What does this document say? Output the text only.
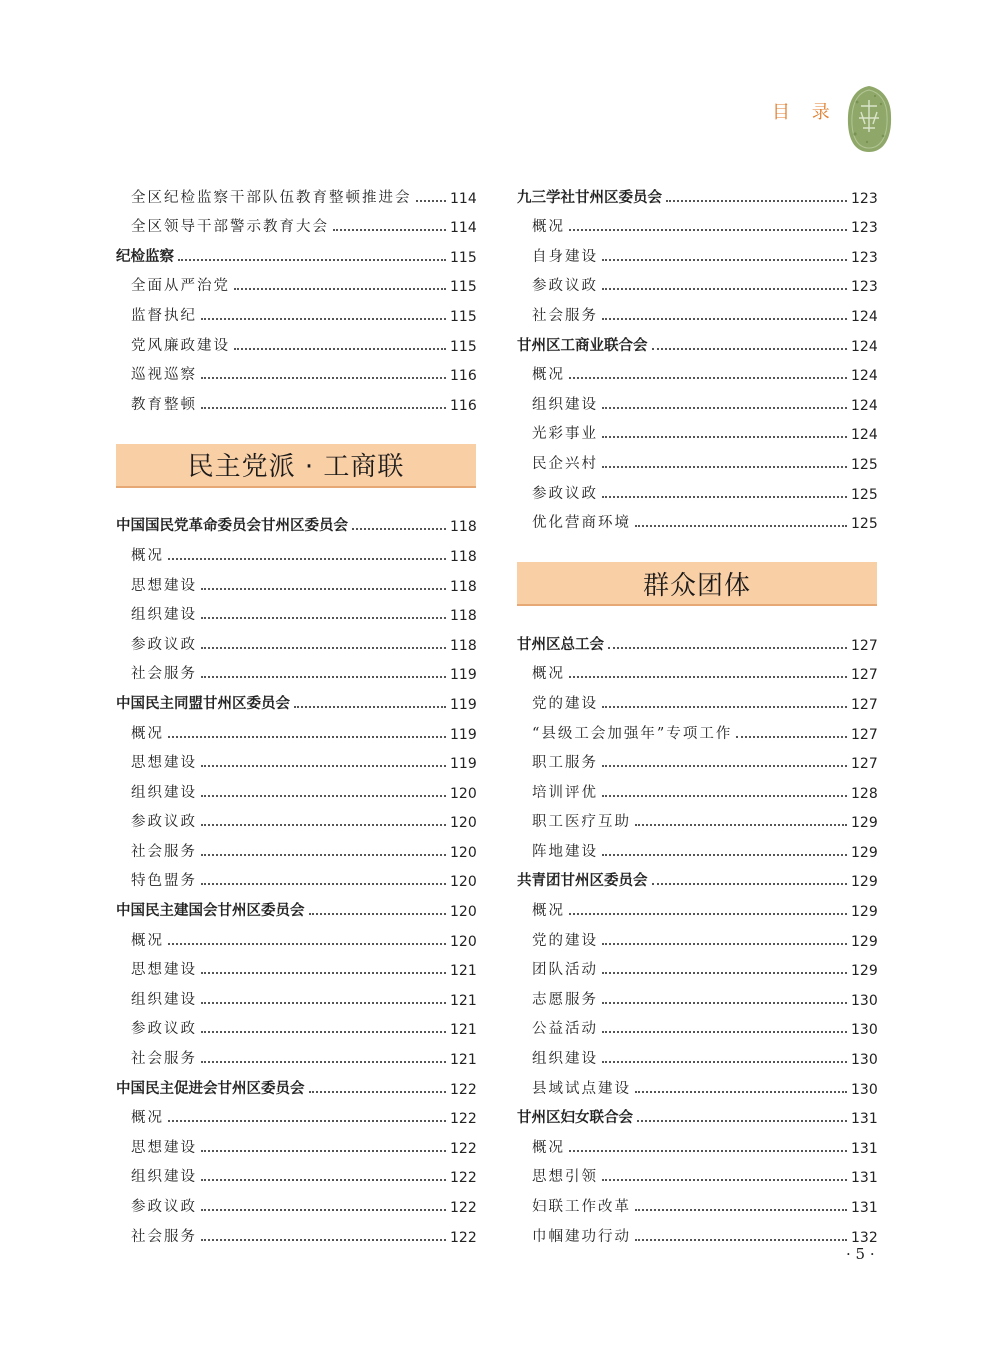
目 录
全区纪检监察干部队伍教育整顿推进会	114
全区领导干部警示教育大会	114
纪检监察	115
全面从严治党	115
监督执纪	115
党风廉政建设	115
巡视巡察	116
教育整顿	116
民主党派 · 工商联
中国国民党革命委员会甘州区委员会	118
概况	118
思想建设	118
组织建设	118
参政议政	118
社会服务	119
中国民主同盟甘州区委员会	119
概况	119
思想建设	119
组织建设	120
参政议政	120
社会服务	120
特色盟务	120
中国民主建国会甘州区委员会	120
概况	120
思想建设	121
组织建设	121
参政议政	121
社会服务	121
中国民主促进会甘州区委员会	122
概况	122
思想建设	122
组织建设	122
参政议政	122
社会服务	122
九三学社甘州区委员会	123
概况	123
自身建设	123
参政议政	123
社会服务	124
甘州区工商业联合会	124
概况	124
组织建设	124
光彩事业	124
民企兴村	125
参政议政	125
优化营商环境	125
群众团体
甘州区总工会	127
概况	127
党的建设	127
“县级工会加强年”专项工作	127
职工服务	127
培训评优	128
职工医疗互助	129
阵地建设	129
共青团甘州区委员会	129
概况	129
党的建设	129
团队活动	129
志愿服务	130
公益活动	130
组织建设	130
县域试点建设	130
甘州区妇女联合会	131
概况	131
思想引领	131
妇联工作改革	131
巾帼建功行动	132
· 5 ·
